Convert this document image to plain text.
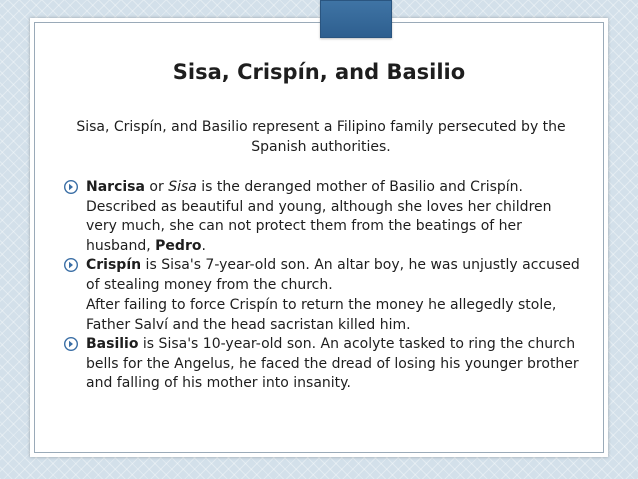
Sisa, Crispín, and Basilio
Sisa, Crispín, and Basilio represent a Filipino family persecuted by the Spanish authorities.
Narcisa or Sisa is the deranged mother of Basilio and Crispín. Described as beautiful and young, although she loves her children very much, she can not protect them from the beatings of her husband, Pedro.
Crispín is Sisa's 7-year-old son. An altar boy, he was unjustly accused of stealing money from the church.
After failing to force Crispín to return the money he allegedly stole, Father Salví and the head sacristan killed him.
Basilio is Sisa's 10-year-old son. An acolyte tasked to ring the church bells for the Angelus, he faced the dread of losing his younger brother and falling of his mother into insanity.
